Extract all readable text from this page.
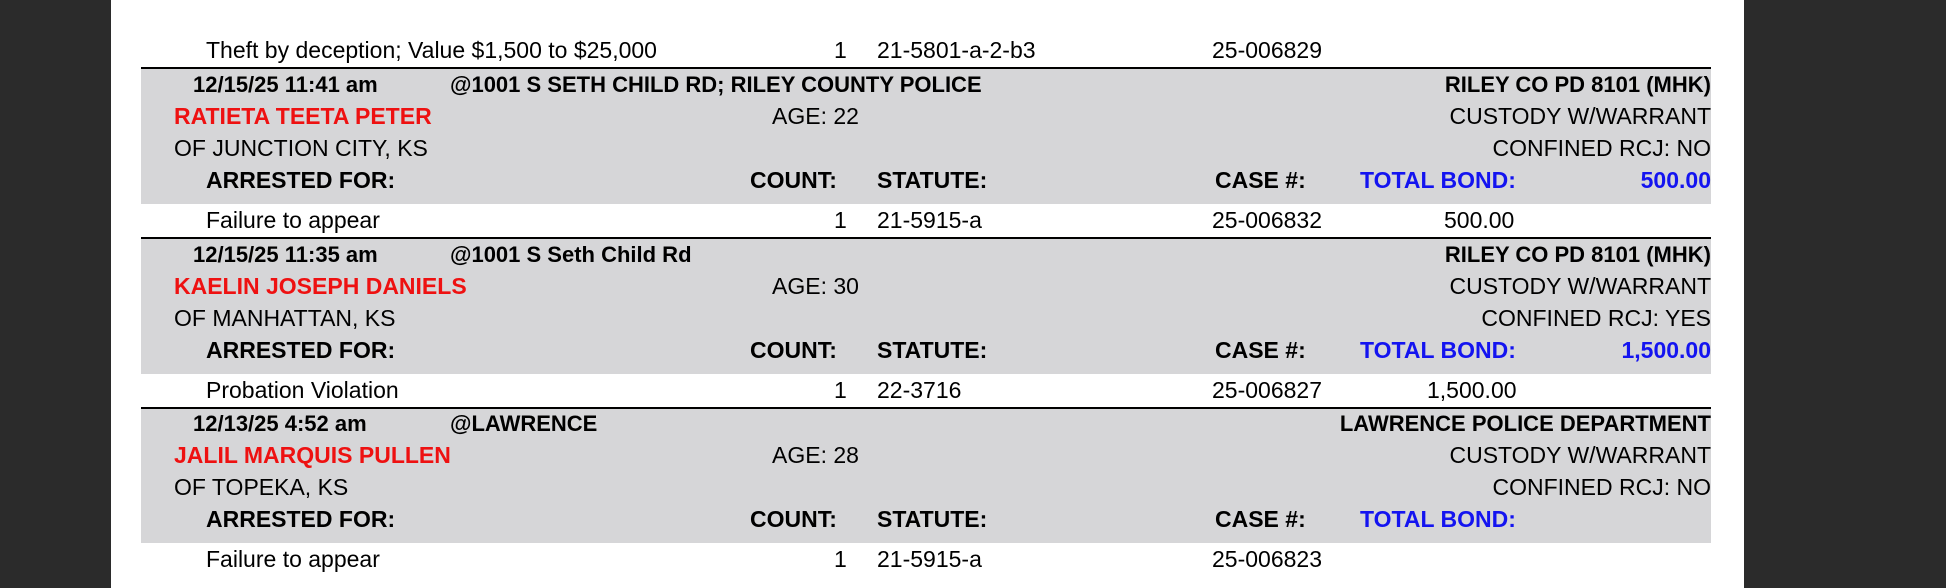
Theft by deception; Value $1,500 to $25,000	1 21-5801-a-2-b3	25-006829
12/15/25 11:41 am	@1001 S SETH CHILD RD; RILEY COUNTY POLICE	RILEY CO PD 8101 (MHK)
RATIETA TEETA PETER	AGE: 22	CUSTODY W/WARRANT
OF JUNCTION CITY, KS	CONFINED RCJ: NO
ARRESTED FOR:	COUNT: STATUTE:	CASE #: TOTAL BOND:	500.00
Failure to appear	1 21-5915-a	25-006832	500.00
12/15/25 11:35 am	@1001 S Seth Child Rd	RILEY CO PD 8101 (MHK)
KAELIN JOSEPH DANIELS	AGE: 30	CUSTODY W/WARRANT
OF MANHATTAN, KS	CONFINED RCJ: YES
ARRESTED FOR:	COUNT: STATUTE:	CASE #: TOTAL BOND:	1,500.00
Probation Violation	1 22-3716	25-006827	1,500.00
12/13/25 4:52 am	@LAWRENCE	LAWRENCE POLICE DEPARTMENT
JALIL MARQUIS PULLEN	AGE: 28	CUSTODY W/WARRANT
OF TOPEKA, KS	CONFINED RCJ: NO
ARRESTED FOR:	COUNT: STATUTE:	CASE #: TOTAL BOND:
Failure to appear	1 21-5915-a	25-006823
